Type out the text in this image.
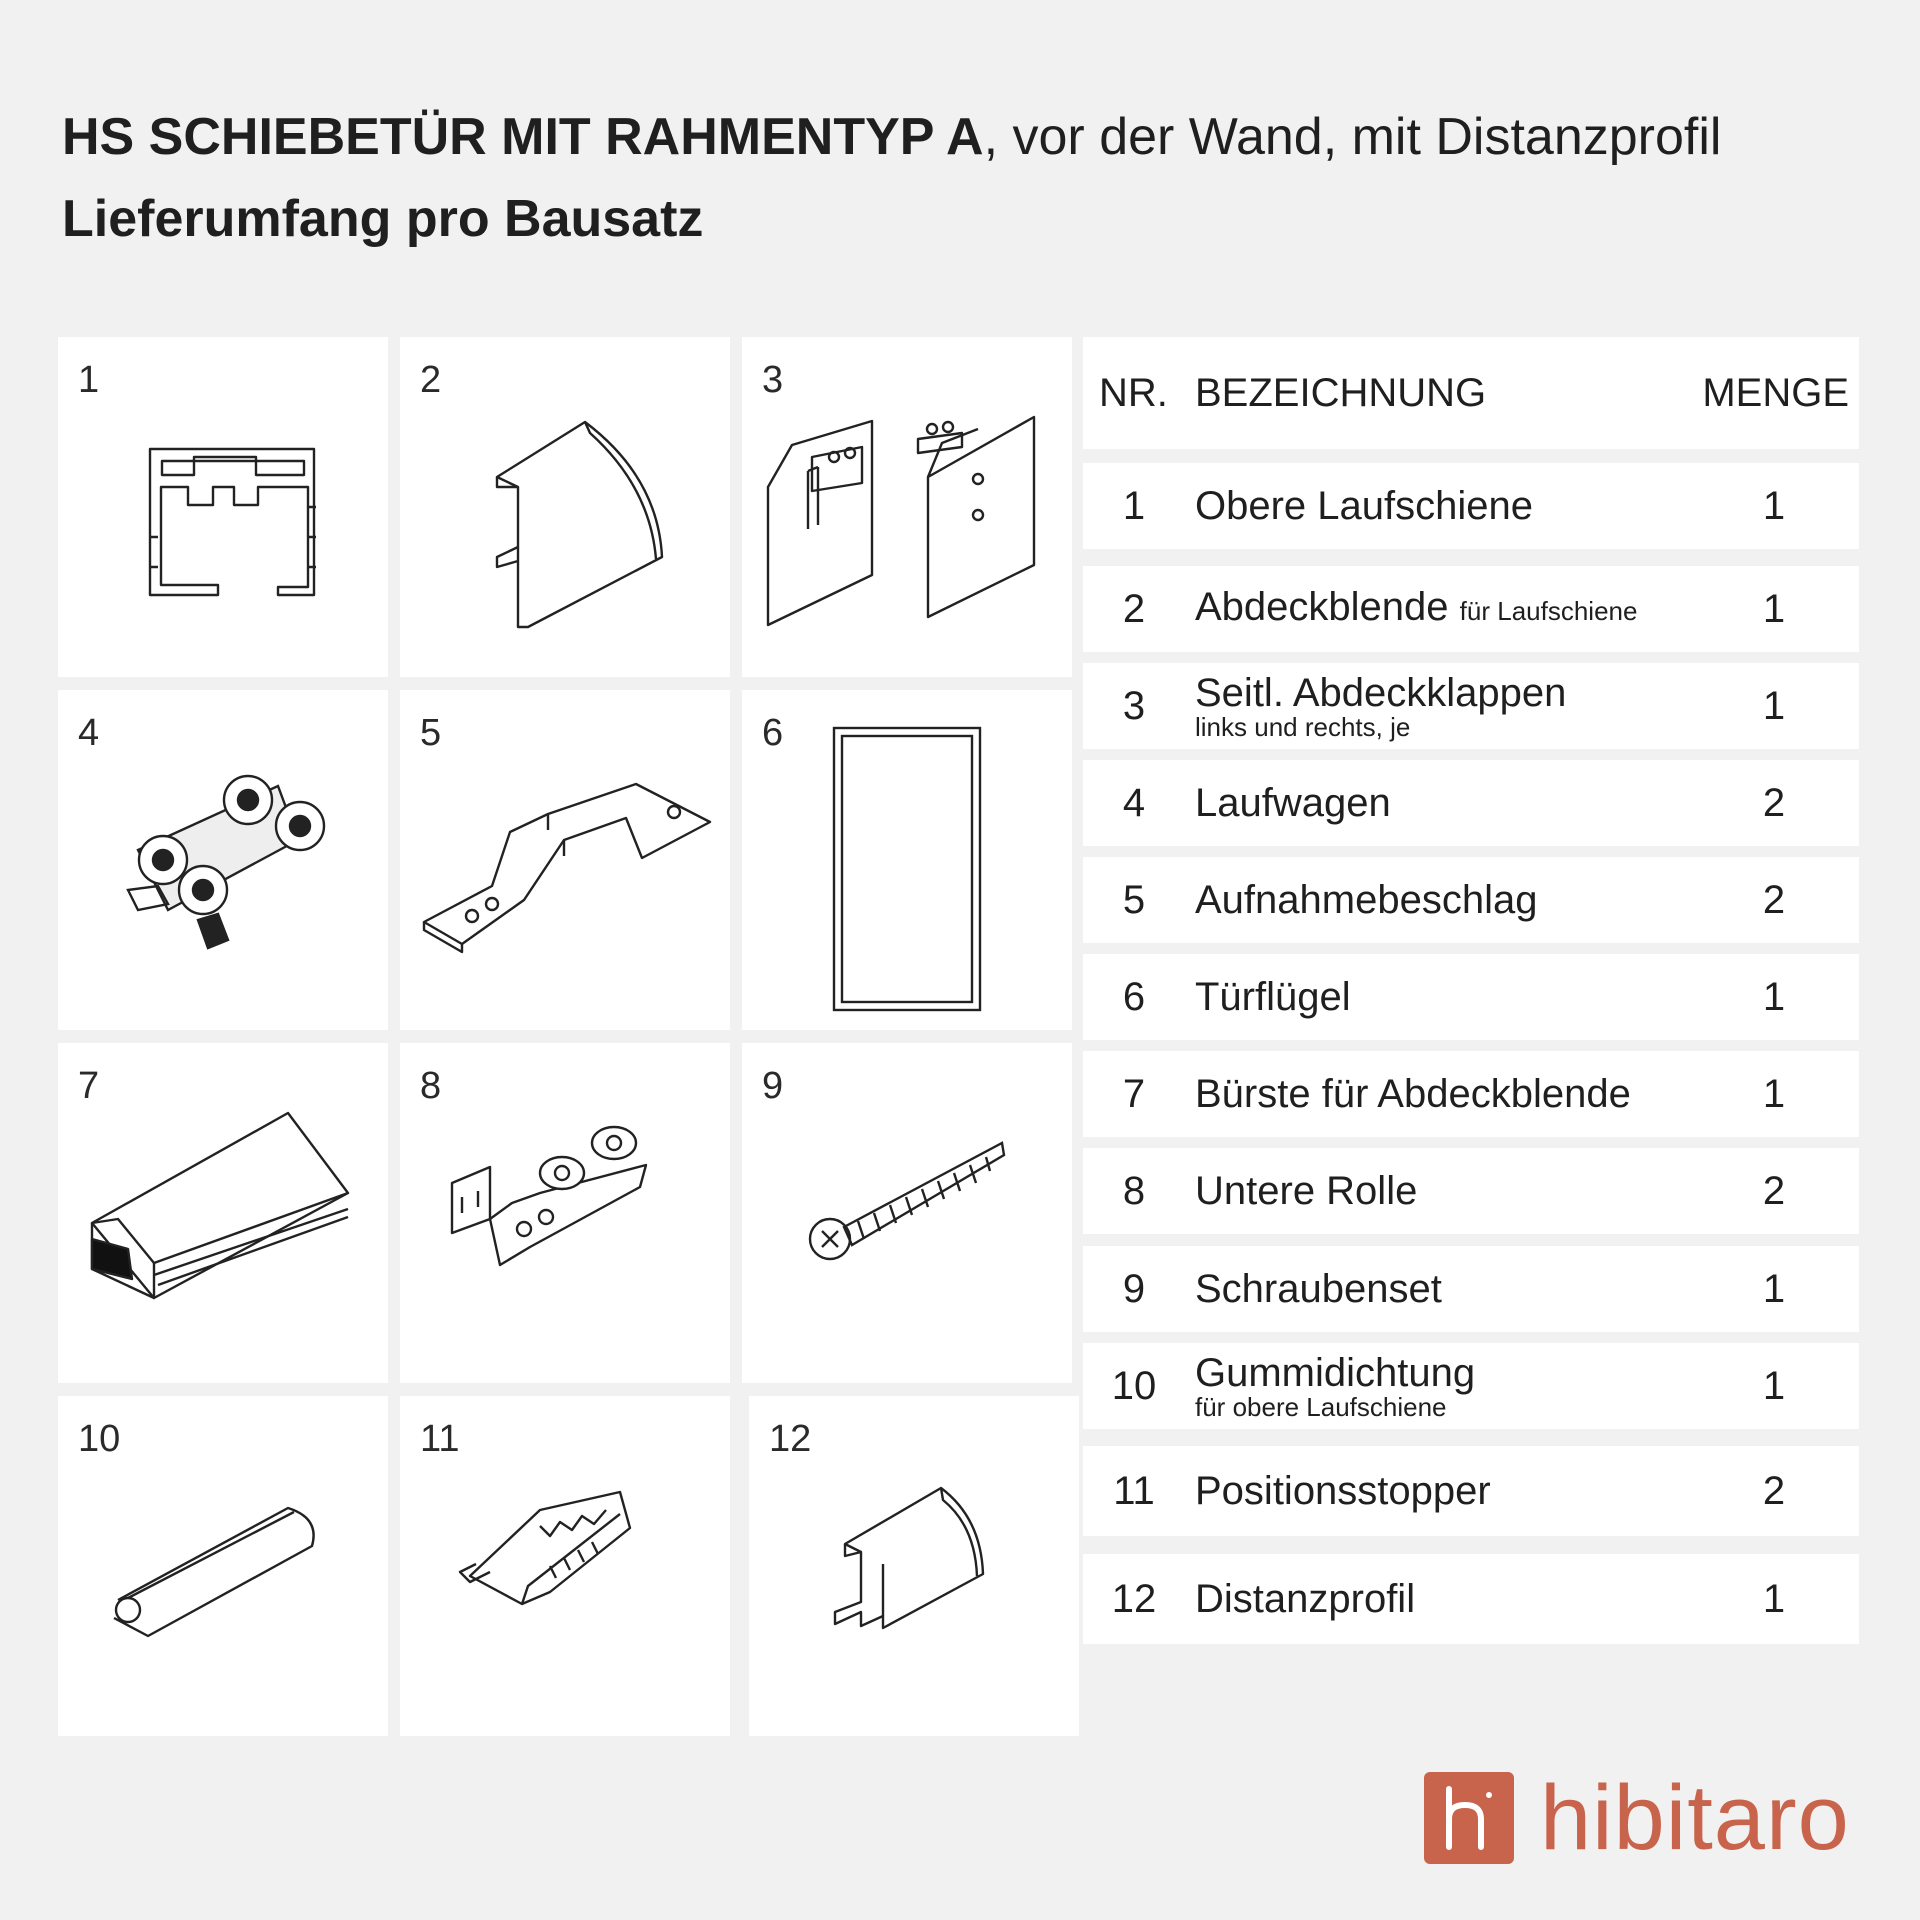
HS SCHIEBETÜR MIT RAHMENTYP A, vor der Wand, mit Distanzprofil
Lieferumfang pro Bausatz
1	2	3
4	5	6
7	8	9
10	11	12
NR. BEZEICHNUNG	MENGE
1	Obere Laufschiene	1
2	Abdeckblende für Laufschiene	1
3	Seitl. Abdeckklappen
links und rechts, je	1
4	Laufwagen	2
5	Aufnahmebeschlag	2
6	Türflügel	1
7	Bürste für Abdeckblende	1
8	Untere Rolle	2
9	Schraubenset	1
10 Gummidichtung
für obere Laufschiene	1
11	Positionsstopper	2
12 Distanzprofil	1
hibitaro
